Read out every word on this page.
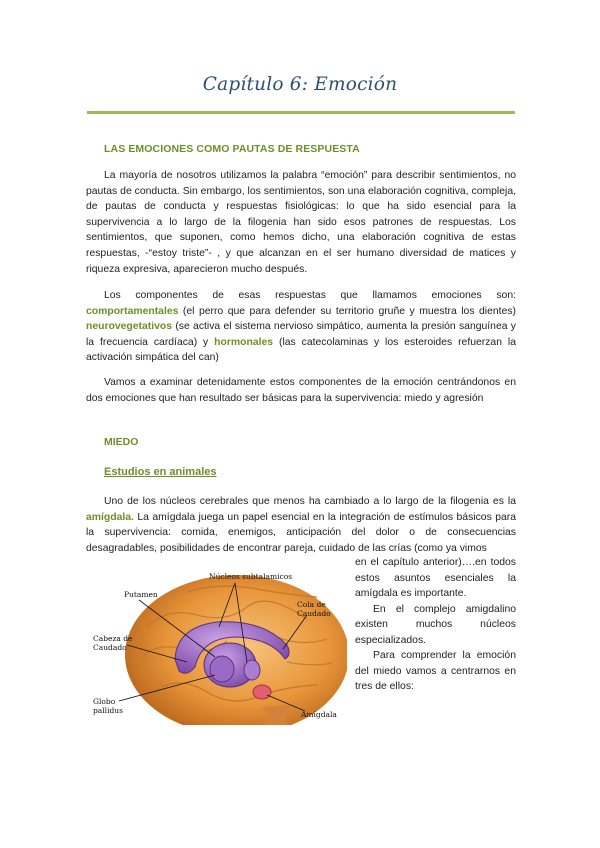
Capítulo 6: Emoción
LAS EMOCIONES COMO PAUTAS DE RESPUESTA

La mayoría de nosotros utilizamos la palabra “emoción” para describir sentimientos, no pautas de conducta. Sin embargo, los sentimientos, son una elaboración cognitiva, compleja, de pautas de conducta y respuestas fisiológicas: lo que ha sido esencial para la supervivencia a lo largo de la filogenia han sido esos patrones de respuestas. Los sentimientos, que suponen, como hemos dicho, una elaboración cognitiva de estas respuestas, -“estoy triste”- , y que alcanzan en el ser humano diversidad de matices y riqueza expresiva, aparecieron mucho después.

Los componentes de esas respuestas que llamamos emociones son: comportamentales (el perro que para defender su territorio gruñe y muestra los dientes) neurovegetativos (se activa el sistema nervioso simpático, aumenta la presión sanguínea y la frecuencia cardíaca) y hormonales (las catecolaminas y los esteroides refuerzan la activación simpática del can)

Vamos a examinar detenidamente estos componentes de la emoción centrándonos en dos emociones que han resultado ser básicas para la supervivencia: miedo y agresión

MIEDO
Estudios en animales

Uno de los núcleos cerebrales que menos ha cambiado a lo largo de la filogenia es la amígdala. La amígdala juega un papel esencial en la integración de estímulos básicos para la supervivencia: comida, enemigos, anticipación del dolor o de consecuencias desagradables, posibilidades de encontrar pareja, cuidado de las crías (como ya vimos

en el capítulo anterior)….en todos estos asuntos esenciales la amígdala es importante.
En el complejo amigdalino existen muchos núcleos especializados.
Para comprender la emoción del miedo vamos a centrarnos en tres de ellos:

Núcleos subtalamicos
Putamen
Cola de
Caudado
Cabeza de
Caudado
Globo
pallidus	Amígdala
